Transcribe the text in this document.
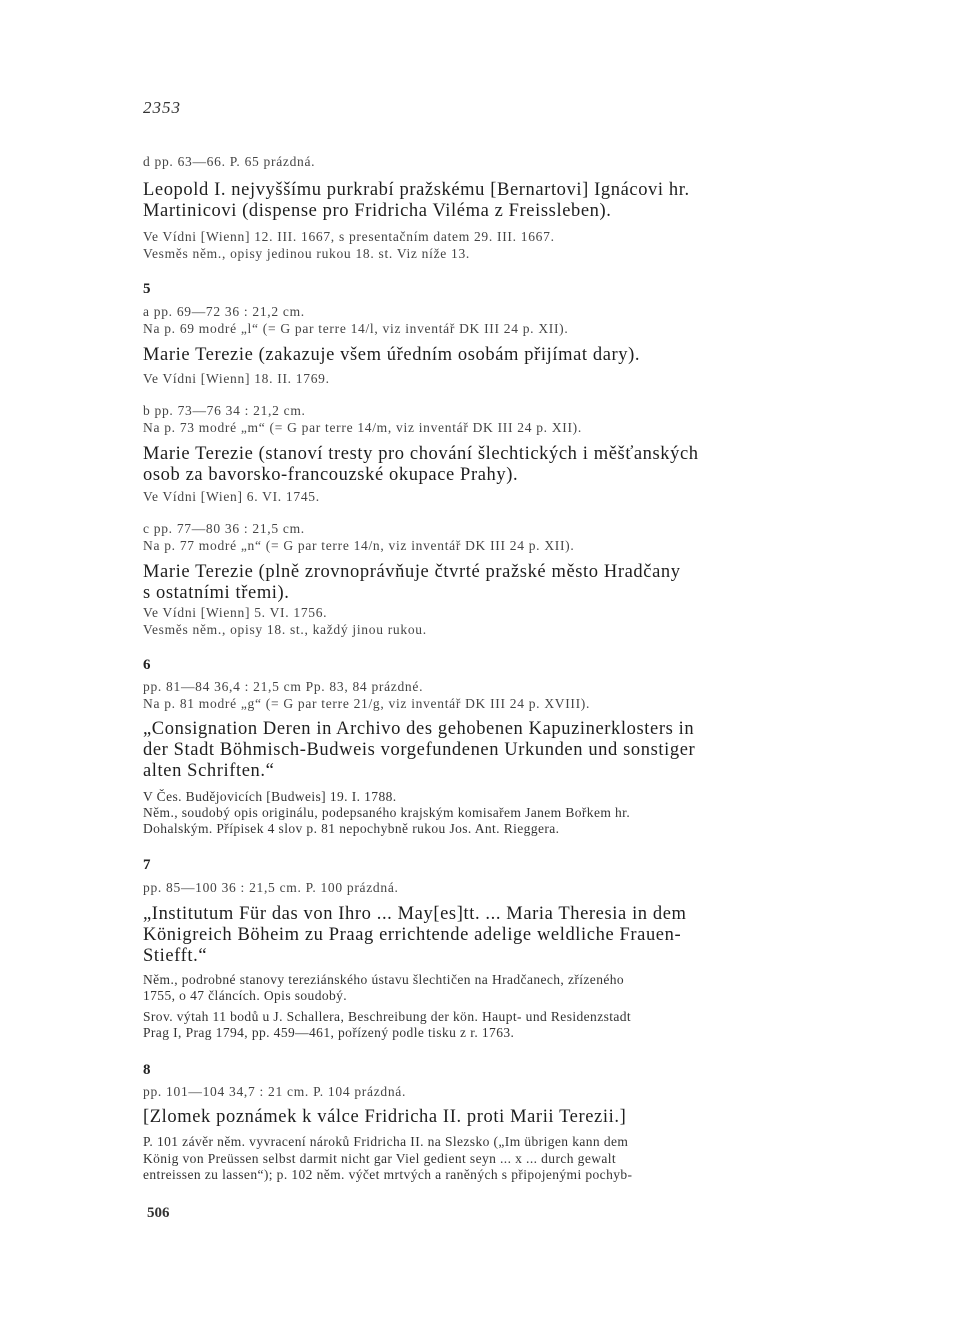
2353
d pp. 63—66. P. 65 prázdná.
Leopold I. nejvyššímu purkrabí pražskému [Bernartovi] Ignácovi hr.
Martinicovi (dispense pro Fridricha Viléma z Freissleben).
Ve Vídni [Wienn] 12. III. 1667, s presentačním datem 29. III. 1667.
Vesměs něm., opisy jedinou rukou 18. st. Viz níže 13.
5
a pp. 69—72 36 : 21,2 cm.
Na p. 69 modré „l“ (= G par terre 14/l, viz inventář DK III 24 p. XII).
Marie Terezie (zakazuje všem úředním osobám přijímat dary).
Ve Vídni [Wienn] 18. II. 1769.
b pp. 73—76 34 : 21,2 cm.
Na p. 73 modré „m“ (= G par terre 14/m, viz inventář DK III 24 p. XII).
Marie Terezie (stanoví tresty pro chování šlechtických i měšťanských
osob za bavorsko-francouzské okupace Prahy).
Ve Vídni [Wien] 6. VI. 1745.
c pp. 77—80 36 : 21,5 cm.
Na p. 77 modré „n“ (= G par terre 14/n, viz inventář DK III 24 p. XII).
Marie Terezie (plně zrovnoprávňuje čtvrté pražské město Hradčany
s ostatními třemi).
Ve Vídni [Wienn] 5. VI. 1756.
Vesměs něm., opisy 18. st., každý jinou rukou.
6
pp. 81—84 36,4 : 21,5 cm Pp. 83, 84 prázdné.
Na p. 81 modré „g“ (= G par terre 21/g, viz inventář DK III 24 p. XVIII).
„Consignation Deren in Archivo des gehobenen Kapuzinerklosters in
der Stadt Böhmisch-Budweis vorgefundenen Urkunden und sonstiger
alten Schriften.“
V Čes. Budějovicích [Budweis] 19. I. 1788.
Něm., soudobý opis originálu, podepsaného krajským komisařem Janem Bořkem hr.
Dohalským. Přípisek 4 slov p. 81 nepochybně rukou Jos. Ant. Rieggera.
7
pp. 85—100 36 : 21,5 cm. P. 100 prázdná.
„Institutum Für das von Ihro ... May[es]tt. ... Maria Theresia in dem
Königreich Böheim zu Praag errichtende adelige weldliche Frauen-
Stiefft.“
Něm., podrobné stanovy tereziánského ústavu šlechtičen na Hradčanech, zřízeného
1755, o 47 článcích. Opis soudobý.
Srov. výtah 11 bodů u J. Schallera, Beschreibung der kön. Haupt- und Residenzstadt
Prag I, Prag 1794, pp. 459—461, pořízený podle tisku z r. 1763.
8
pp. 101—104 34,7 : 21 cm. P. 104 prázdná.
[Zlomek poznámek k válce Fridricha II. proti Marii Terezii.]
P. 101 závěr něm. vyvracení nároků Fridricha II. na Slezsko („Im übrigen kann dem
König von Preüssen selbst darmit nicht gar Viel gedient seyn ... x ... durch gewalt
entreissen zu lassen“); p. 102 něm. výčet mrtvých a raněných s připojenými pochyb-
506
